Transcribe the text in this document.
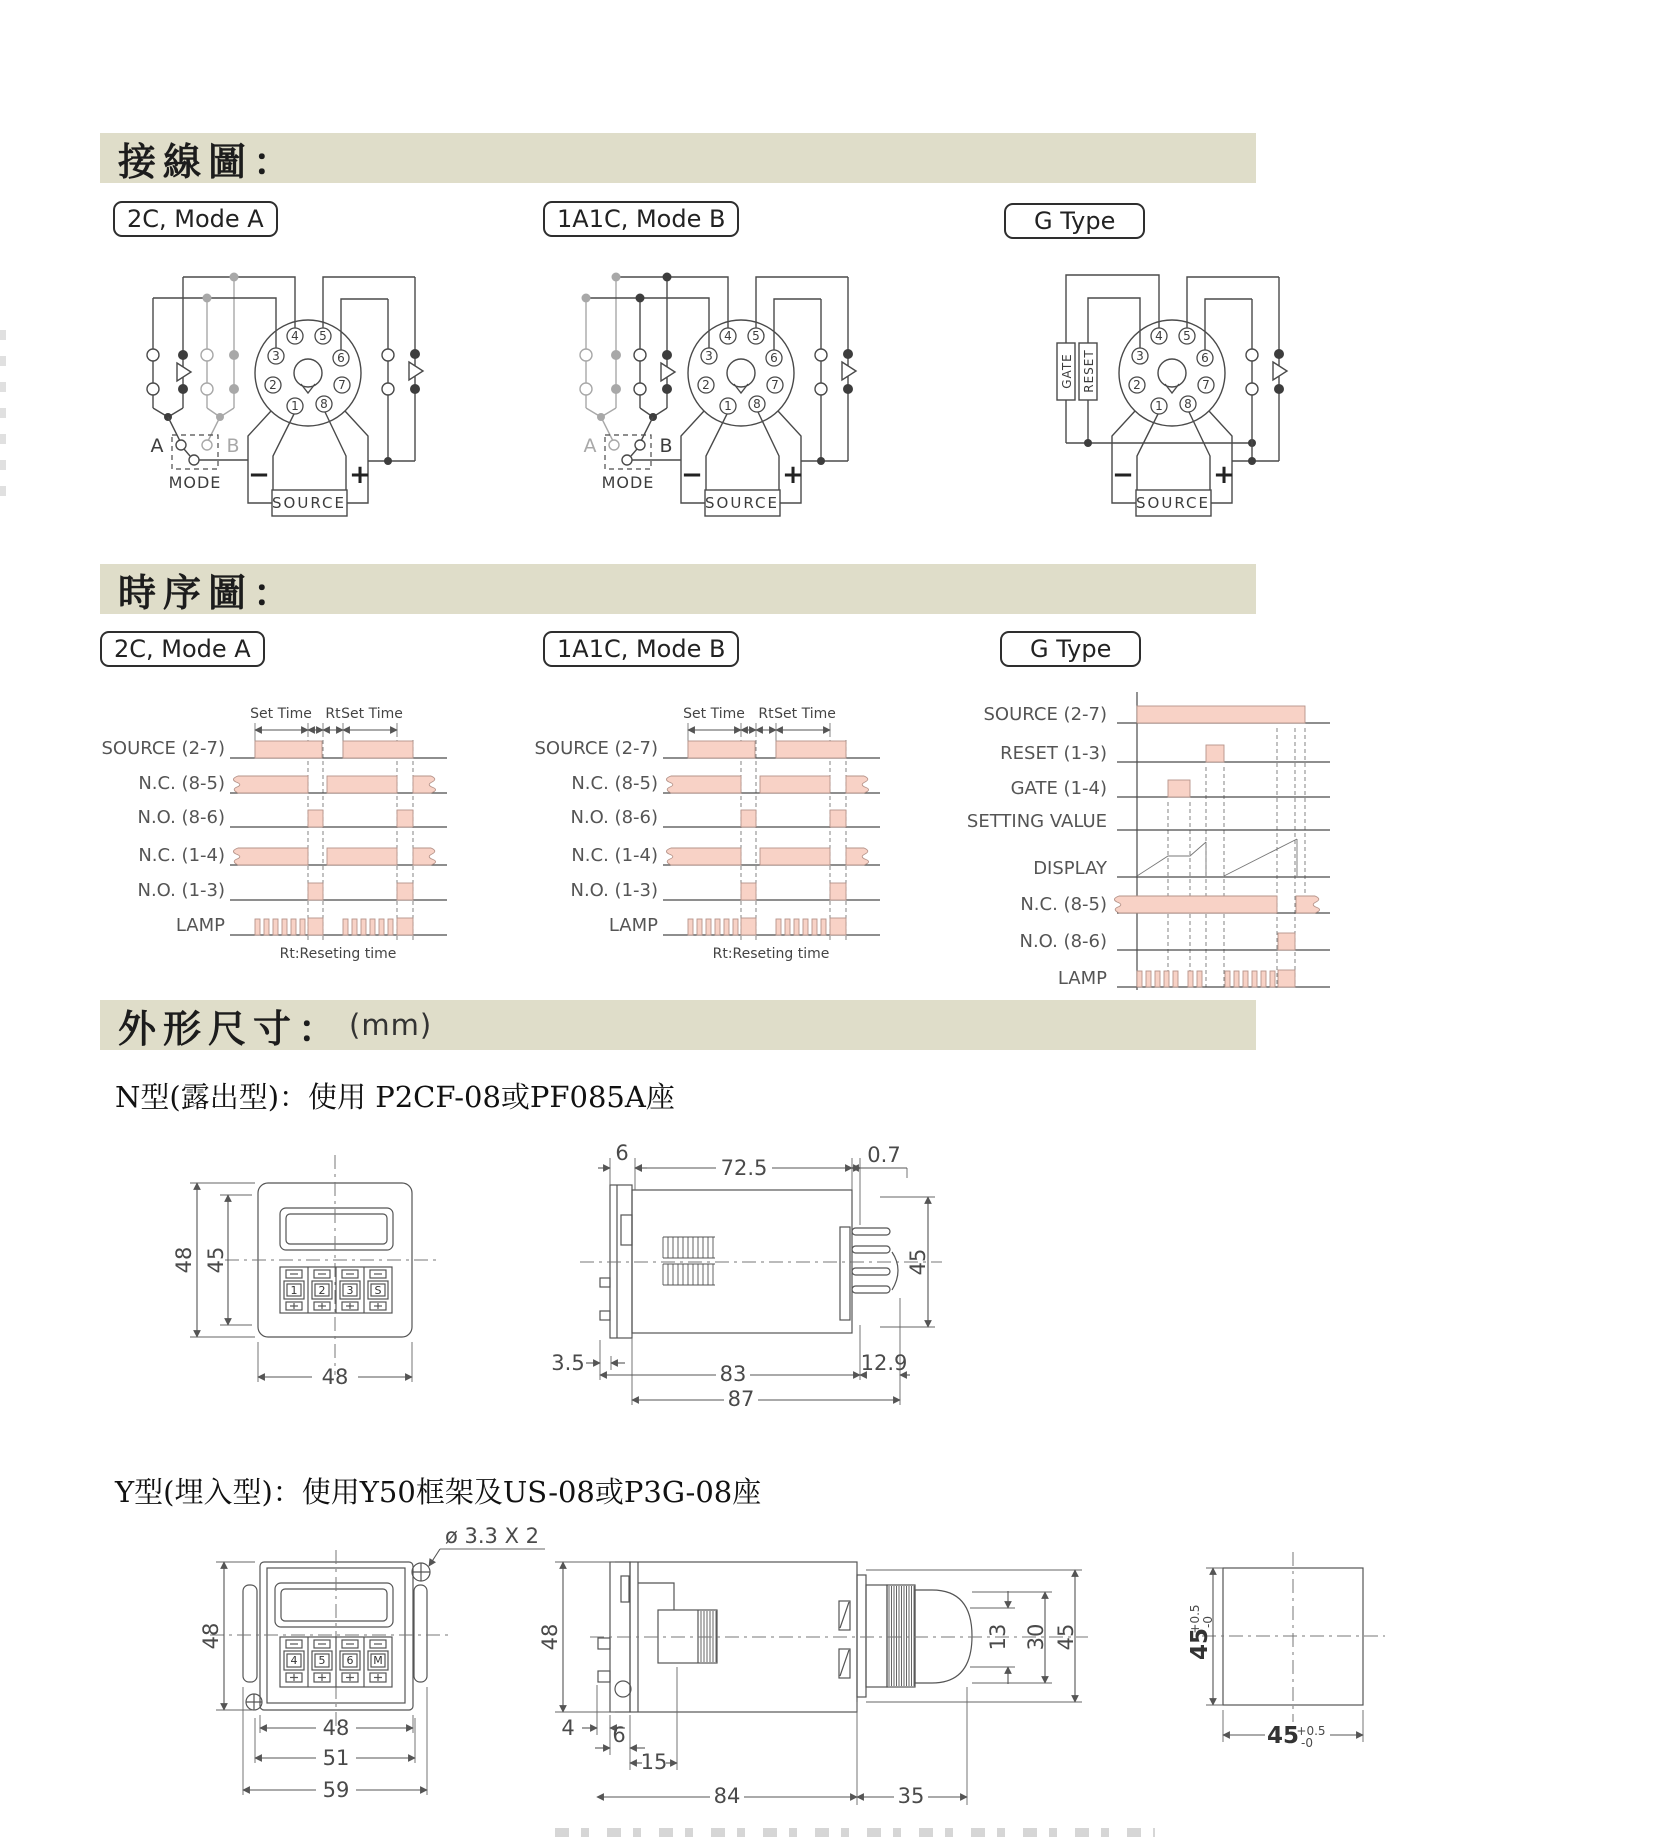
接線圖：
2C, Mode A	1A1C, Mode B	G Type
4 5
3	6
2	7
1 8
SOURCE
−	+
A	B
MODE
4 5
3	6
2	7
1 8
SOURCE
−	+
A	B
MODE
GATE RESET
4 5
3	6
2	7
1 8
SOURCE
−	+
時序圖：
2C, Mode A	1A1C, Mode B	G Type
Set Time Rt Set Time
SOURCE (2-7)
N.C. (8-5)
N.O. (8-6)
N.C. (1-4)
N.O. (1-3)
LAMP
Rt:Reseting time
Set Time Rt Set Time
SOURCE (2-7)
N.C. (8-5)
N.O. (8-6)
N.C. (1-4)
N.O. (1-3)
LAMP
Rt:Reseting time
SOURCE (2-7)
RESET (1-3)
GATE (1-4)
SETTING VALUE
DISPLAY
N.C. (8-5)
N.O. (8-6)
LAMP
外形尺寸： (mm)
N型(露出型)：使用 P2CF-08或PF085A座
1 2 3 S
48 45
48
6
72.5
0.7
45
3.5	83	12.9
87
Y型(埋入型)：使用Y50框架及US-08或P3G-08座
4 5 6 M
ø 3.3 X 2
48
48
51
59
48
4 6
15
84	35
13 30 45	45
+0.5 -0
45
+0.5
-0
